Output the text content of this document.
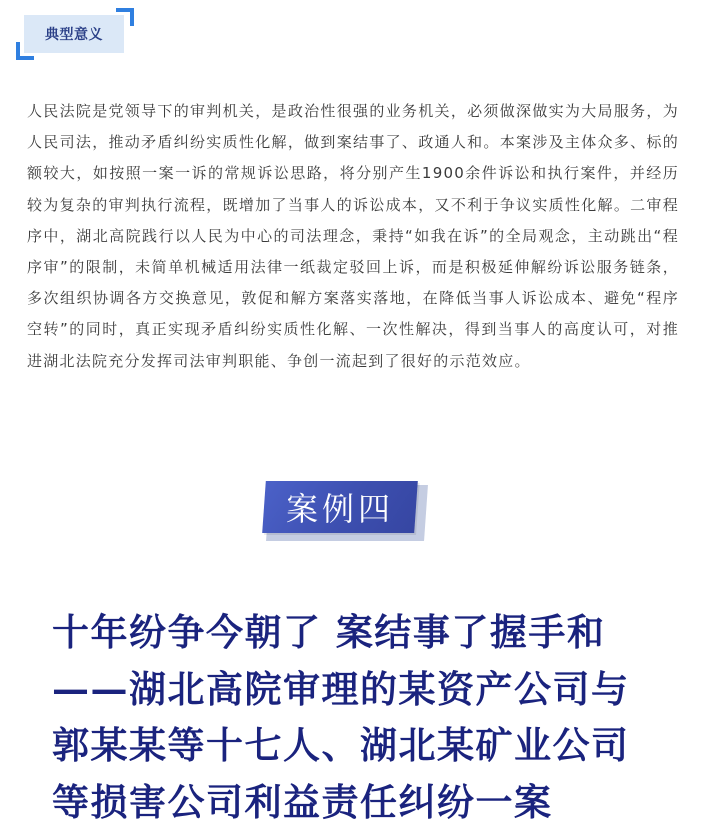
典型意义

人民法院是党领导下的审判机关，是政治性很强的业务机关，必须做深做实为大局服务，为人民司法，推动矛盾纠纷实质性化解，做到案结事了、政通人和。本案涉及主体众多、标的额较大，如按照一案一诉的常规诉讼思路，将分别产生1900余件诉讼和执行案件，并经历较为复杂的审判执行流程，既增加了当事人的诉讼成本，又不利于争议实质性化解。二审程序中，湖北高院践行以人民为中心的司法理念，秉持“如我在诉”的全局观念，主动跳出“程序审”的限制，未简单机械适用法律一纸裁定驳回上诉，而是积极延伸解纷诉讼服务链条，多次组织协调各方交换意见，敦促和解方案落实落地，在降低当事人诉讼成本、避免“程序空转”的同时，真正实现矛盾纠纷实质性化解、一次性解决，得到当事人的高度认可，对推进湖北法院充分发挥司法审判职能、争创一流起到了很好的示范效应。

案例四
十年纷争今朝了 案结事了握手和
——湖北高院审理的某资产公司与
郭某某等十七人、湖北某矿业公司
等损害公司利益责任纠纷一案
